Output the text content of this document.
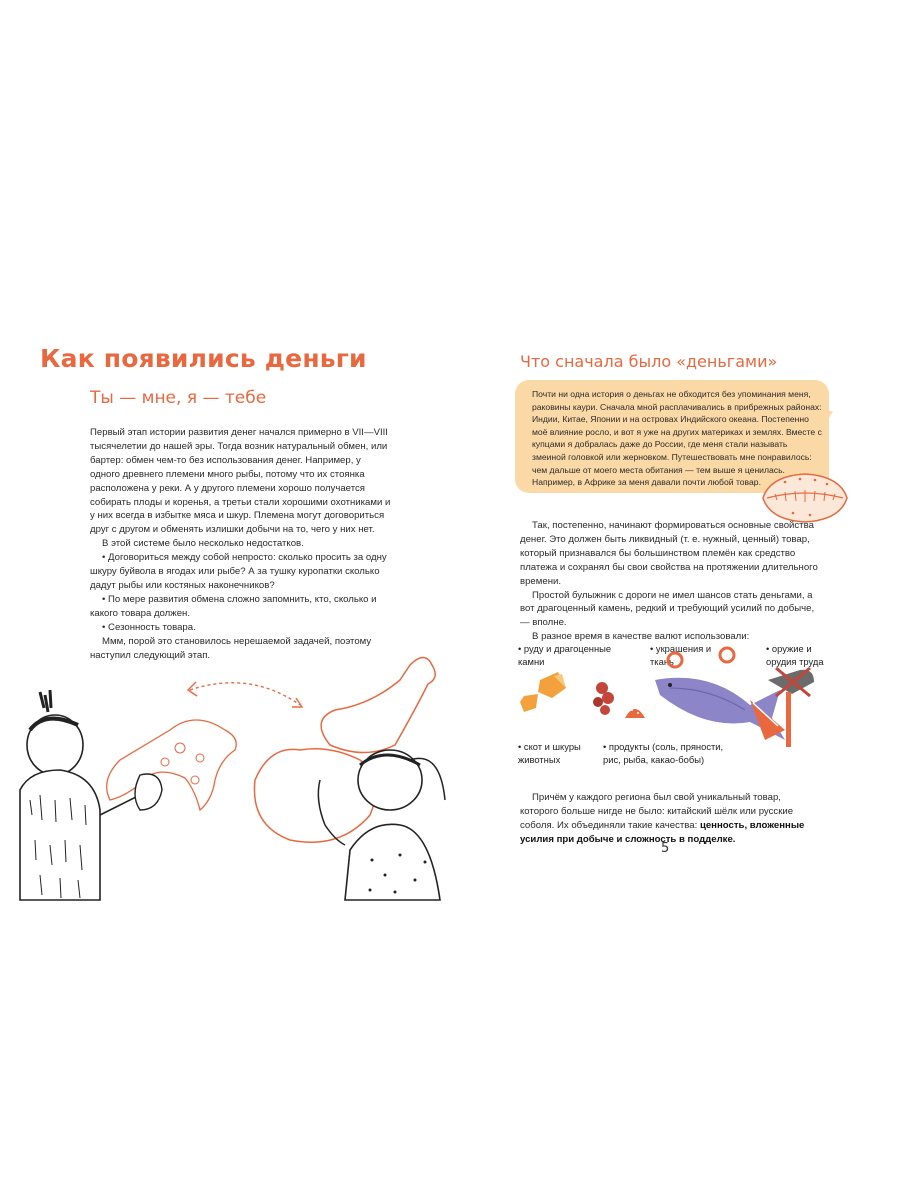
Как появились деньги
Ты — мне, я — тебе

Первый этап истории развития денег начался примерно в VII—VIII тысячелетии до нашей эры. Тогда возник натуральный обмен, или бартер: обмен чем-то без использования денег. Например, у одного древнего племени много рыбы, потому что их стоянка расположена у реки. А у другого племени хорошо получается собирать плоды и коренья, а третьи стали хорошими охотниками и у них всегда в избытке мяса и шкур. Племена могут договориться друг с другом и обменять излишки добычи на то, чего у них нет.

В этой системе было несколько недостатков.

• Договориться между собой непросто: сколько просить за одну шкуру буйвола в ягодах или рыбе? А за тушку куропатки сколько дадут рыбы или костяных наконечников?

• По мере развития обмена сложно запомнить, кто, сколько и какого товара должен.

• Сезонность товара.

Ммм, порой это становилось нерешаемой задачей, поэтому наступил следующий этап.

Что сначала было «деньгами»
Почти ни одна история о деньгах не обходится без упоминания меня, раковины каури. Сначала мной расплачивались в прибрежных районах: Индии, Китае, Японии и на островах Индийского океана. Постепенно моё влияние росло, и вот я уже на других материках и землях. Вместе с купцами я добралась даже до России, где меня стали называть змеиной головкой или жерновком. Путешествовать мне понравилось: чем дальше от моего места обитания — тем выше я ценилась. Например, в Африке за меня давали почти любой товар.

Так, постепенно, начинают формироваться основные свойства денег. Это должен быть ликвидный (т. е. нужный, ценный) товар, который признавался бы большинством племён как средство платежа и сохранял бы свои свойства на протяжении длительного времени.

Простой булыжник с дороги не имел шансов стать деньгами, а вот драгоценный камень, редкий и требующий усилий по добыче, — вполне.

В разное время в качестве валют использовали:

• руду и драгоценные камни
• украшения и ткань
• оружие и орудия труда
• скот и шкуры животных
• продукты (соль, пряности, рис, рыба, какао-бобы)

Причём у каждого региона был свой уникальный товар, которого больше нигде не было: китайский шёлк или русские соболя. Их объединяли такие качества: ценность, вложенные усилия при добыче и сложность в подделке.

5
